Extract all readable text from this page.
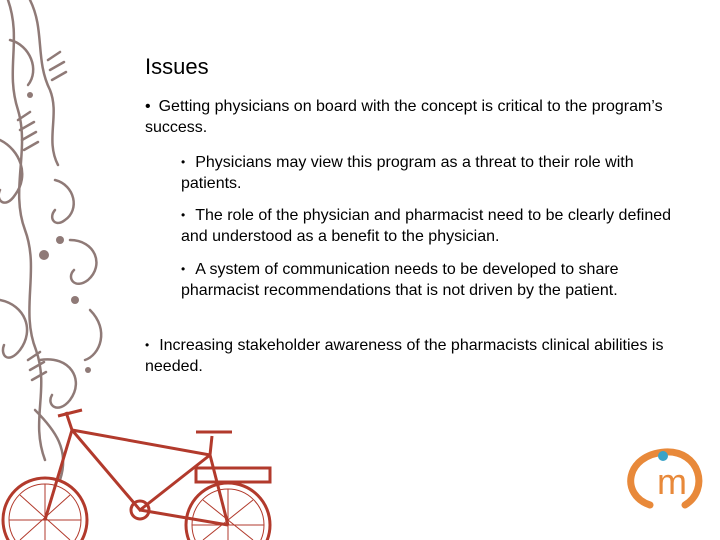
m
Issues
• Getting physicians on board with the concept is critical to the program’s success.
• Physicians may view this program as a threat to their role with patients.
• The role of the physician and pharmacist need to be clearly defined and understood as a benefit to the physician.
• A system of communication needs to be developed to share pharmacist recommendations that is not driven by the patient.
• Increasing stakeholder awareness of the pharmacists clinical abilities is needed.
